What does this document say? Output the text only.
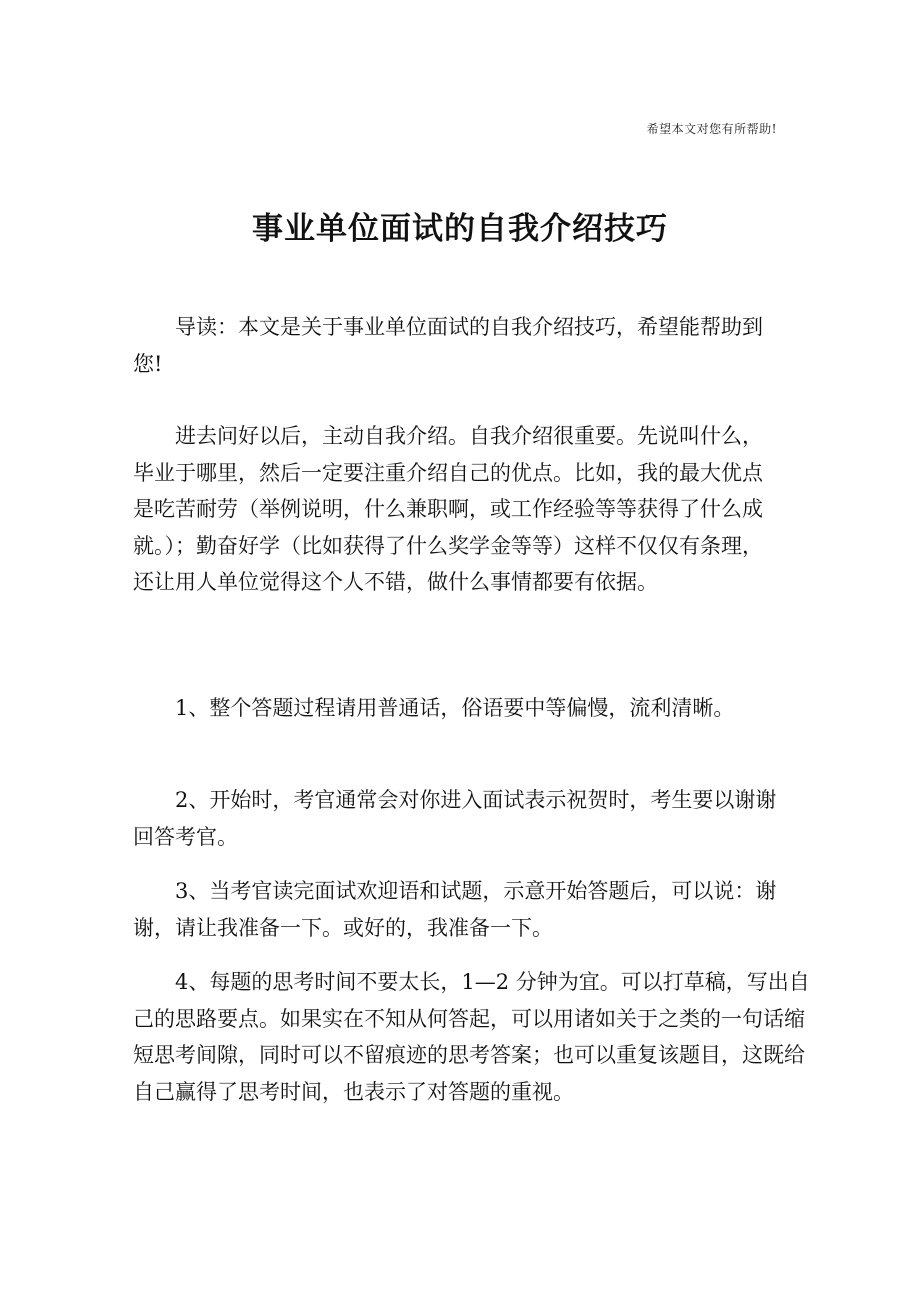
希望本文对您有所帮助!
事业单位面试的自我介绍技巧

导读：本文是关于事业单位面试的自我介绍技巧，希望能帮助到您!

进去问好以后，主动自我介绍。自我介绍很重要。先说叫什么，毕业于哪里，然后一定要注重介绍自己的优点。比如，我的最大优点是吃苦耐劳（举例说明，什么兼职啊，或工作经验等等获得了什么成就。）；勤奋好学（比如获得了什么奖学金等等）这样不仅仅有条理，还让用人单位觉得这个人不错，做什么事情都要有依据。

1、整个答题过程请用普通话，俗语要中等偏慢，流利清晰。

2、开始时，考官通常会对你进入面试表示祝贺时，考生要以谢谢回答考官。

3、当考官读完面试欢迎语和试题，示意开始答题后，可以说：谢谢，请让我准备一下。或好的，我准备一下。

4、每题的思考时间不要太长，1—2 分钟为宜。可以打草稿，写出自己的思路要点。如果实在不知从何答起，可以用诸如关于之类的一句话缩短思考间隙，同时可以不留痕迹的思考答案；也可以重复该题目，这既给自己赢得了思考时间，也表示了对答题的重视。
